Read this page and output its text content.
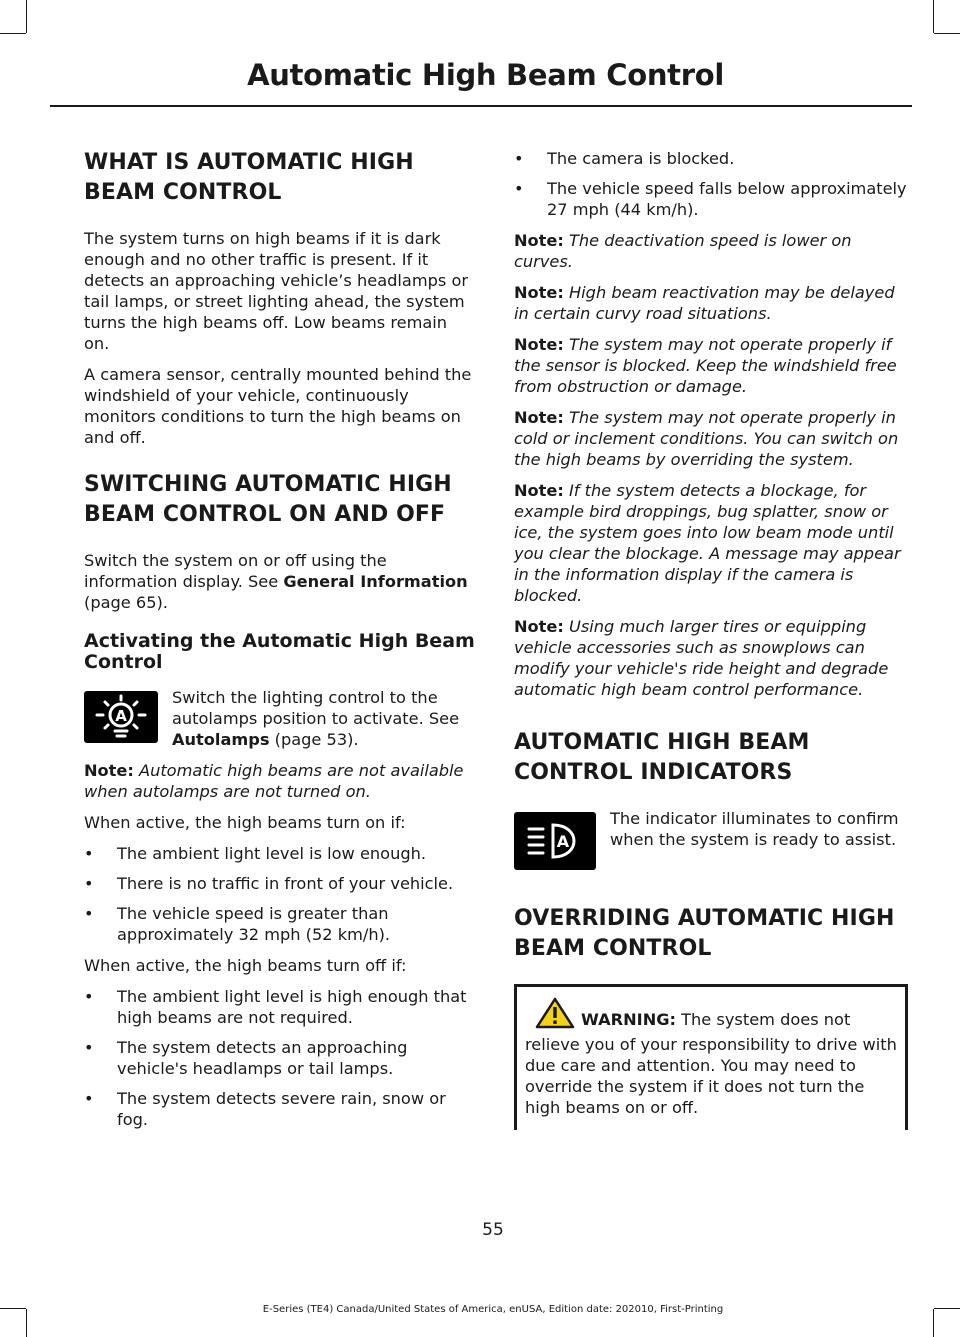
Automatic High Beam Control
WHAT IS AUTOMATIC HIGH BEAM CONTROL

The system turns on high beams if it is dark enough and no other traffic is present. If it detects an approaching vehicle’s headlamps or tail lamps, or street lighting ahead, the system turns the high beams off. Low beams remain on.

A camera sensor, centrally mounted behind the windshield of your vehicle, continuously monitors conditions to turn the high beams on and off.

SWITCHING AUTOMATIC HIGH BEAM CONTROL ON AND OFF

Switch the system on or off using the information display. See General Information (page 65).

Activating the Automatic High Beam Control
A

Switch the lighting control to the autolamps position to activate. See Autolamps (page 53).

Note: Automatic high beams are not available when autolamps are not turned on.

When active, the high beams turn on if:

• The ambient light level is low enough.
• There is no traffic in front of your vehicle.
• The vehicle speed is greater than approximately 32 mph (52 km/h).

When active, the high beams turn off if:

• The ambient light level is high enough that high beams are not required.
• The system detects an approaching vehicle's headlamps or tail lamps.
• The system detects severe rain, snow or fog.
• The camera is blocked.
• The vehicle speed falls below approximately 27 mph (44 km/h).

Note: The deactivation speed is lower on curves.

Note: High beam reactivation may be delayed in certain curvy road situations.

Note: The system may not operate properly if the sensor is blocked. Keep the windshield free from obstruction or damage.

Note: The system may not operate properly in cold or inclement conditions. You can switch on the high beams by overriding the system.

Note: If the system detects a blockage, for example bird droppings, bug splatter, snow or ice, the system goes into low beam mode until you clear the blockage. A message may appear in the information display if the camera is blocked.

Note: Using much larger tires or equipping vehicle accessories such as snowplows can modify your vehicle's ride height and degrade automatic high beam control performance.

AUTOMATIC HIGH BEAM CONTROL INDICATORS
A

The indicator illuminates to confirm when the system is ready to assist.

OVERRIDING AUTOMATIC HIGH BEAM CONTROL
WARNING: The system does not relieve you of your responsibility to drive with due care and attention. You may need to override the system if it does not turn the high beams on or off.
55
E-Series (TE4) Canada/United States of America, enUSA, Edition date: 202010, First-Printing
